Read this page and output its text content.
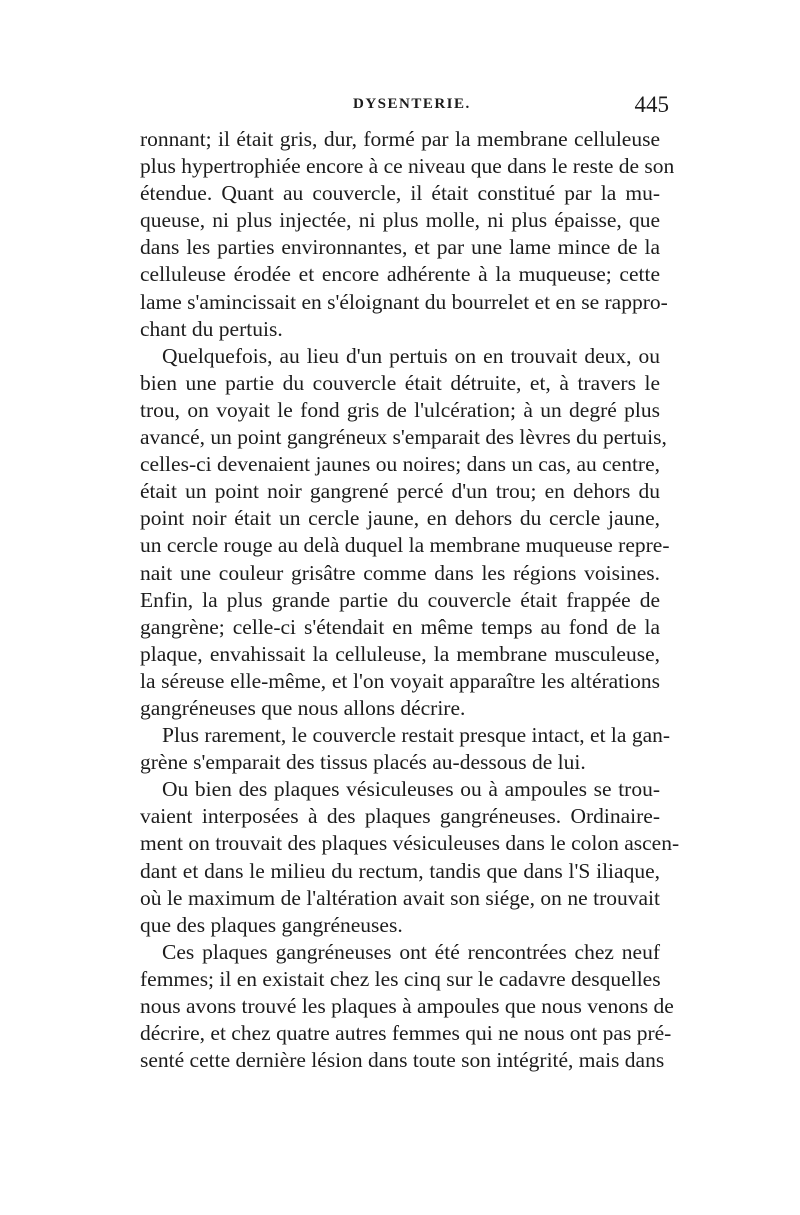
DYSENTERIE.	445
ronnant; il était gris, dur, formé par la membrane celluleuse
plus hypertrophiée encore à ce niveau que dans le reste de son
étendue. Quant au couvercle, il était constitué par la mu-
queuse, ni plus injectée, ni plus molle, ni plus épaisse, que
dans les parties environnantes, et par une lame mince de la
celluleuse érodée et encore adhérente à la muqueuse; cette
lame s'amincissait en s'éloignant du bourrelet et en se rappro-
chant du pertuis.
Quelquefois, au lieu d'un pertuis on en trouvait deux, ou
bien une partie du couvercle était détruite, et, à travers le
trou, on voyait le fond gris de l'ulcération; à un degré plus
avancé, un point gangréneux s'emparait des lèvres du pertuis,
celles-ci devenaient jaunes ou noires; dans un cas, au centre,
était un point noir gangrené percé d'un trou; en dehors du
point noir était un cercle jaune, en dehors du cercle jaune,
un cercle rouge au delà duquel la membrane muqueuse repre-
nait une couleur grisâtre comme dans les régions voisines.
Enfin, la plus grande partie du couvercle était frappée de
gangrène; celle-ci s'étendait en même temps au fond de la
plaque, envahissait la celluleuse, la membrane musculeuse,
la séreuse elle-même, et l'on voyait apparaître les altérations
gangréneuses que nous allons décrire.
Plus rarement, le couvercle restait presque intact, et la gan-
grène s'emparait des tissus placés au-dessous de lui.
Ou bien des plaques vésiculeuses ou à ampoules se trou-
vaient interposées à des plaques gangréneuses. Ordinaire-
ment on trouvait des plaques vésiculeuses dans le colon ascen-
dant et dans le milieu du rectum, tandis que dans l'S iliaque,
où le maximum de l'altération avait son siége, on ne trouvait
que des plaques gangréneuses.
Ces plaques gangréneuses ont été rencontrées chez neuf
femmes; il en existait chez les cinq sur le cadavre desquelles
nous avons trouvé les plaques à ampoules que nous venons de
décrire, et chez quatre autres femmes qui ne nous ont pas pré-
senté cette dernière lésion dans toute son intégrité, mais dans
